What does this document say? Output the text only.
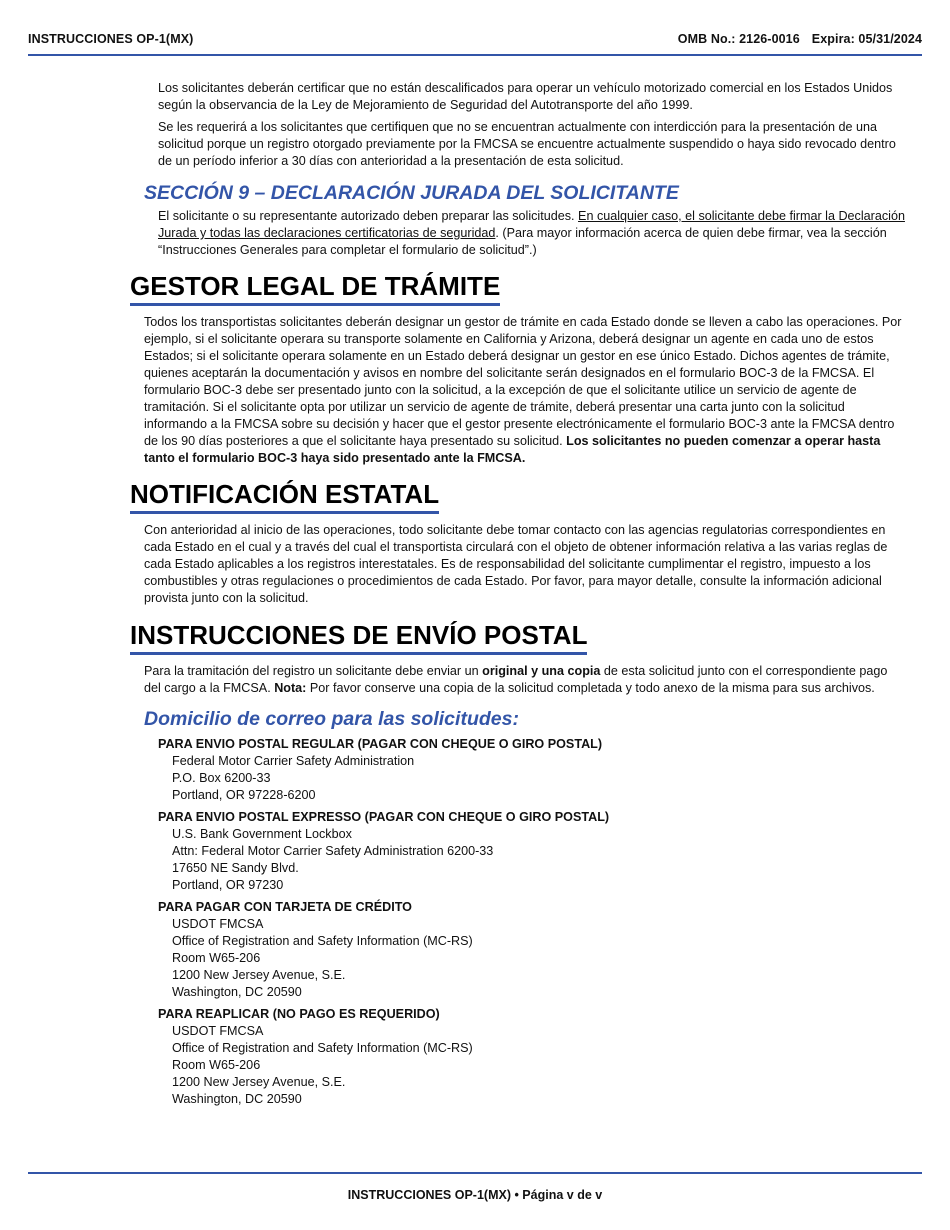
INSTRUCCIONES OP-1(MX)	OMB No.: 2126-0016 Expira: 05/31/2024

Los solicitantes deberán certificar que no están descalificados para operar un vehículo motorizado comercial en los Estados Unidos según la observancia de la Ley de Mejoramiento de Seguridad del Autotransporte del año 1999.

Se les requerirá a los solicitantes que certifiquen que no se encuentran actualmente con interdicción para la presentación de una solicitud porque un registro otorgado previamente por la FMCSA se encuentre actualmente suspendido o haya sido revocado dentro de un período inferior a 30 días con anterioridad a la presentación de esta solicitud.

SECCIÓN 9 – DECLARACIÓN JURADA DEL SOLICITANTE

El solicitante o su representante autorizado deben preparar las solicitudes. En cualquier caso, el solicitante debe firmar la Declaración Jurada y todas las declaraciones certificatorias de seguridad. (Para mayor información acerca de quien debe firmar, vea la sección “Instrucciones Generales para completar el formulario de solicitud”.)

GESTOR LEGAL DE TRÁMITE

Todos los transportistas solicitantes deberán designar un gestor de trámite en cada Estado donde se lleven a cabo las operaciones. Por ejemplo, si el solicitante operara su transporte solamente en California y Arizona, deberá designar un agente en cada uno de estos Estados; si el solicitante operara solamente en un Estado deberá designar un gestor en ese único Estado. Dichos agentes de trámite, quienes aceptarán la documentación y avisos en nombre del solicitante serán designados en el formulario BOC-3 de la FMCSA. El formulario BOC-3 debe ser presentado junto con la solicitud, a la excepción de que el solicitante utilice un servicio de agente de tramitación. Si el solicitante opta por utilizar un servicio de agente de trámite, deberá presentar una carta junto con la solicitud informando a la FMCSA sobre su decisión y hacer que el gestor presente electrónicamente el formulario BOC-3 ante la FMCSA dentro de los 90 días posteriores a que el solicitante haya presentado su solicitud. Los solicitantes no pueden comenzar a operar hasta tanto el formulario BOC-3 haya sido presentado ante la FMCSA.

NOTIFICACIÓN ESTATAL

Con anterioridad al inicio de las operaciones, todo solicitante debe tomar contacto con las agencias regulatorias correspondientes en cada Estado en el cual y a través del cual el transportista circulará con el objeto de obtener información relativa a las varias reglas de cada Estado aplicables a los registros interestatales. Es de responsabilidad del solicitante cumplimentar el registro, impuesto a los combustibles y otras regulaciones o procedimientos de cada Estado. Por favor, para mayor detalle, consulte la información adicional provista junto con la solicitud.

INSTRUCCIONES DE ENVÍO POSTAL

Para la tramitación del registro un solicitante debe enviar un original y una copia de esta solicitud junto con el correspondiente pago del cargo a la FMCSA. Nota: Por favor conserve una copia de la solicitud completada y todo anexo de la misma para sus archivos.

Domicilio de correo para las solicitudes:
PARA ENVIO POSTAL REGULAR (PAGAR CON CHEQUE O GIRO POSTAL)
Federal Motor Carrier Safety Administration
P.O. Box 6200-33
Portland, OR 97228-6200
PARA ENVIO POSTAL EXPRESSO (PAGAR CON CHEQUE O GIRO POSTAL)
U.S. Bank Government Lockbox
Attn: Federal Motor Carrier Safety Administration 6200-33
17650 NE Sandy Blvd.
Portland, OR 97230
PARA PAGAR CON TARJETA DE CRÉDITO
USDOT FMCSA
Office of Registration and Safety Information (MC-RS)
Room W65-206
1200 New Jersey Avenue, S.E.
Washington, DC 20590
PARA REAPLICAR (NO PAGO ES REQUERIDO)
USDOT FMCSA
Office of Registration and Safety Information (MC-RS)
Room W65-206
1200 New Jersey Avenue, S.E.
Washington, DC 20590
INSTRUCCIONES OP-1(MX) • Página v de v
